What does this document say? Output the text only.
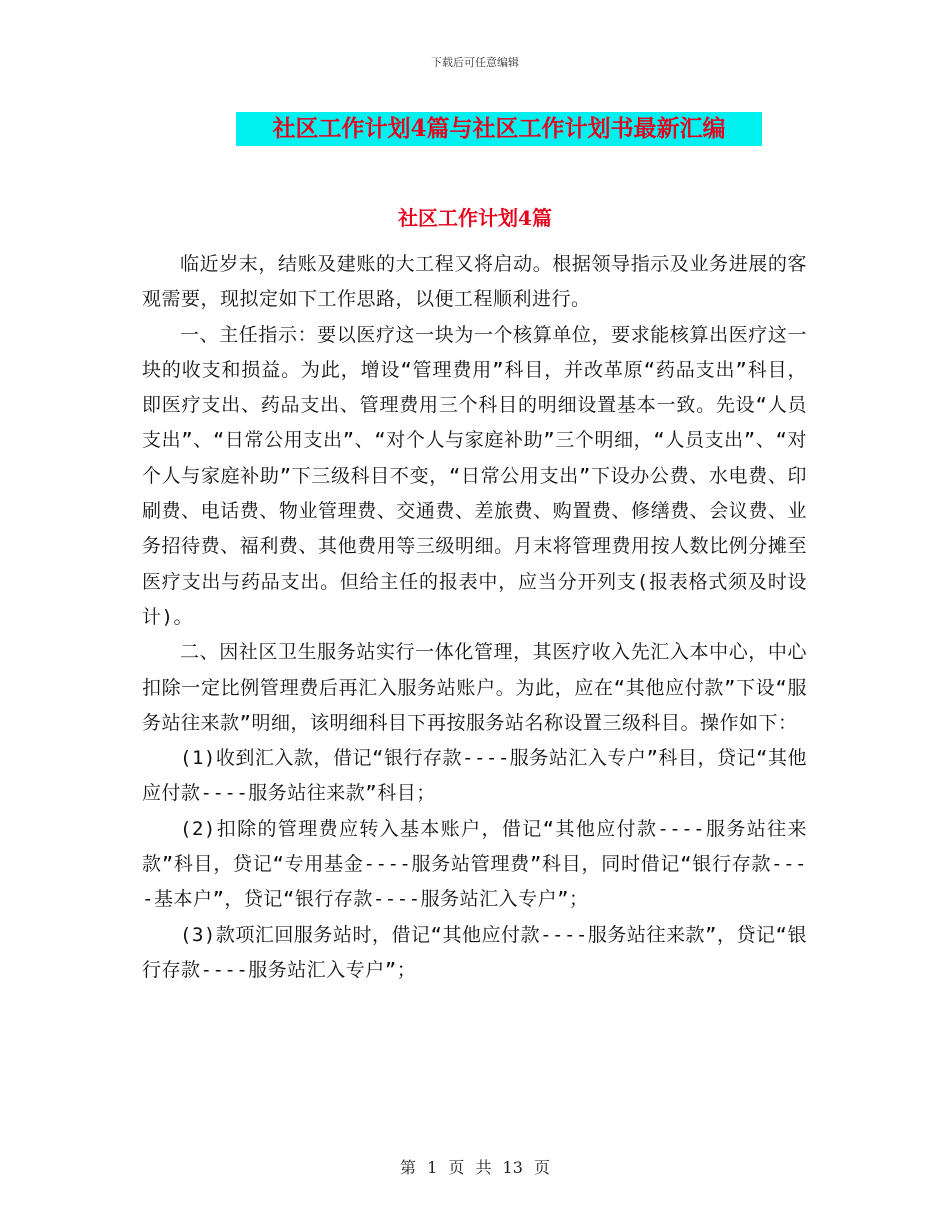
下载后可任意编辑
社区工作计划4篇与社区工作计划书最新汇编
社区工作计划4篇

临近岁末，结账及建账的大工程又将启动。根据领导指示及业务进展的客观需要，现拟定如下工作思路，以便工程顺利进行。

一、主任指示：要以医疗这一块为一个核算单位，要求能核算出医疗这一块的收支和损益。为此，增设“管理费用”科目，并改革原“药品支出”科目，即医疗支出、药品支出、管理费用三个科目的明细设置基本一致。先设“人员支出”、“日常公用支出”、“对个人与家庭补助”三个明细，“人员支出”、“对个人与家庭补助”下三级科目不变，“日常公用支出”下设办公费、水电费、印刷费、电话费、物业管理费、交通费、差旅费、购置费、修缮费、会议费、业务招待费、福利费、其他费用等三级明细。月末将管理费用按人数比例分摊至医疗支出与药品支出。但给主任的报表中，应当分开列支(报表格式须及时设计)。

二、因社区卫生服务站实行一体化管理，其医疗收入先汇入本中心，中心扣除一定比例管理费后再汇入服务站账户。为此，应在“其他应付款”下设“服务站往来款”明细，该明细科目下再按服务站名称设置三级科目。操作如下：

(1)收到汇入款，借记“银行存款----服务站汇入专户”科目，贷记“其他应付款----服务站往来款”科目；

(2)扣除的管理费应转入基本账户，借记“其他应付款----服务站往来款”科目，贷记“专用基金----服务站管理费”科目，同时借记“银行存款----基本户”，贷记“银行存款----服务站汇入专户”；

(3)款项汇回服务站时，借记“其他应付款----服务站往来款”，贷记“银行存款----服务站汇入专户”；

第 1 页 共 13 页
